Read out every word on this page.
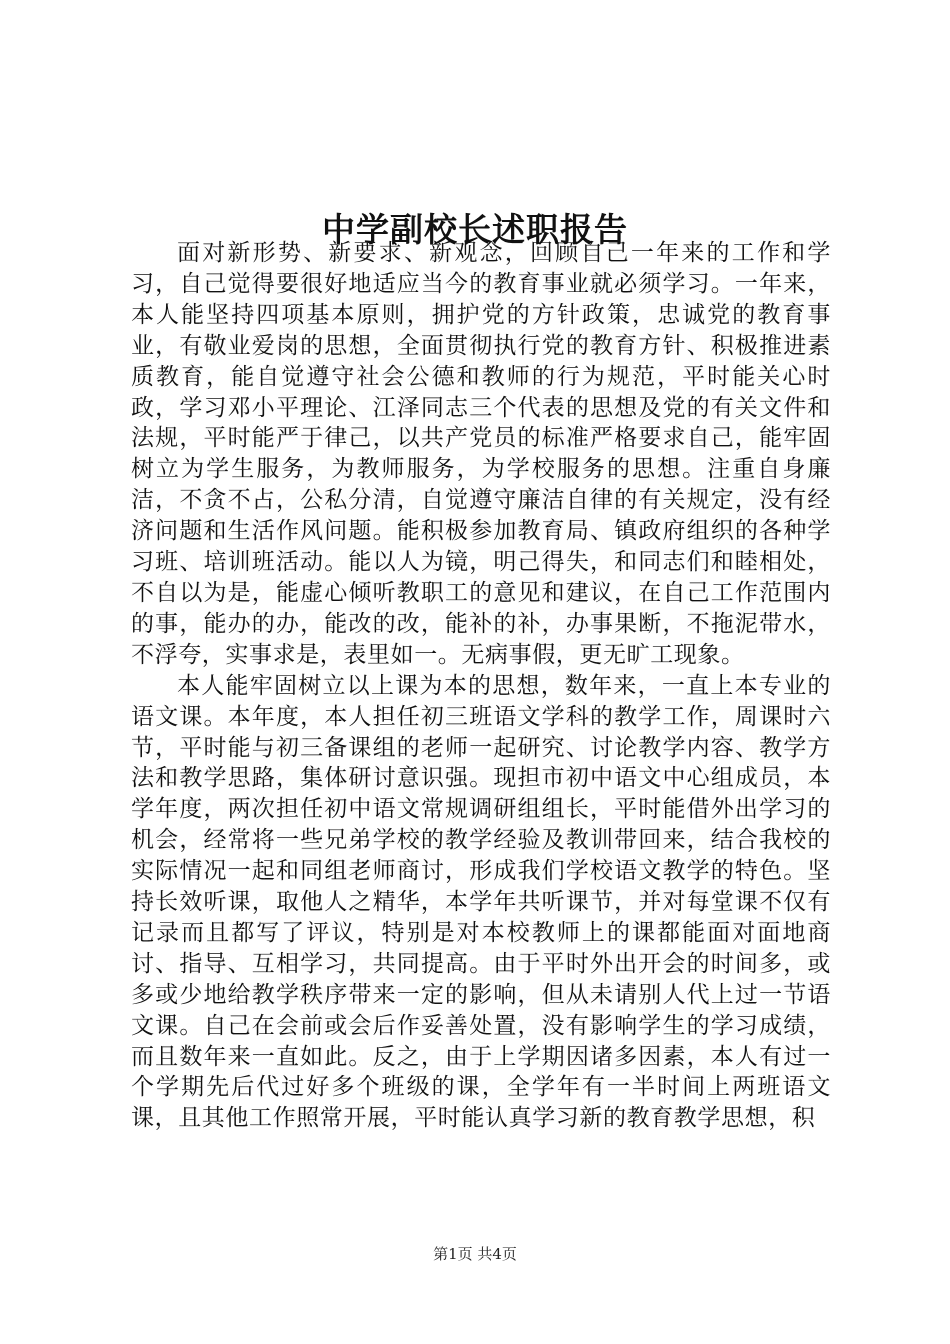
中学副校长述职报告

面对新形势、新要求、新观念，回顾自己一年来的工作和学习，自己觉得要很好地适应当今的教育事业就必须学习。一年来，本人能坚持四项基本原则，拥护党的方针政策，忠诚党的教育事业，有敬业爱岗的思想，全面贯彻执行党的教育方针、积极推进素质教育，能自觉遵守社会公德和教师的行为规范，平时能关心时政，学习邓小平理论、江泽同志三个代表的思想及党的有关文件和法规，平时能严于律己，以共产党员的标准严格要求自己，能牢固树立为学生服务，为教师服务，为学校服务的思想。注重自身廉洁，不贪不占，公私分清，自觉遵守廉洁自律的有关规定，没有经济问题和生活作风问题。能积极参加教育局、镇政府组织的各种学习班、培训班活动。能以人为镜，明己得失，和同志们和睦相处，不自以为是，能虚心倾听教职工的意见和建议，在自己工作范围内的事，能办的办，能改的改，能补的补，办事果断，不拖泥带水，不浮夸，实事求是，表里如一。无病事假，更无旷工现象。

本人能牢固树立以上课为本的思想，数年来，一直上本专业的语文课。本年度，本人担任初三班语文学科的教学工作，周课时六节，平时能与初三备课组的老师一起研究、讨论教学内容、教学方法和教学思路，集体研讨意识强。现担市初中语文中心组成员，本学年度，两次担任初中语文常规调研组组长，平时能借外出学习的机会，经常将一些兄弟学校的教学经验及教训带回来，结合我校的实际情况一起和同组老师商讨，形成我们学校语文教学的特色。坚持长效听课，取他人之精华，本学年共听课节，并对每堂课不仅有记录而且都写了评议，特别是对本校教师上的课都能面对面地商讨、指导、互相学习，共同提高。由于平时外出开会的时间多，或多或少地给教学秩序带来一定的影响，但从未请别人代上过一节语文课。自己在会前或会后作妥善处置，没有影响学生的学习成绩，而且数年来一直如此。反之，由于上学期因诸多因素，本人有过一个学期先后代过好多个班级的课，全学年有一半时间上两班语文课，且其他工作照常开展，平时能认真学习新的教育教学思想，积

第1页 共4页
